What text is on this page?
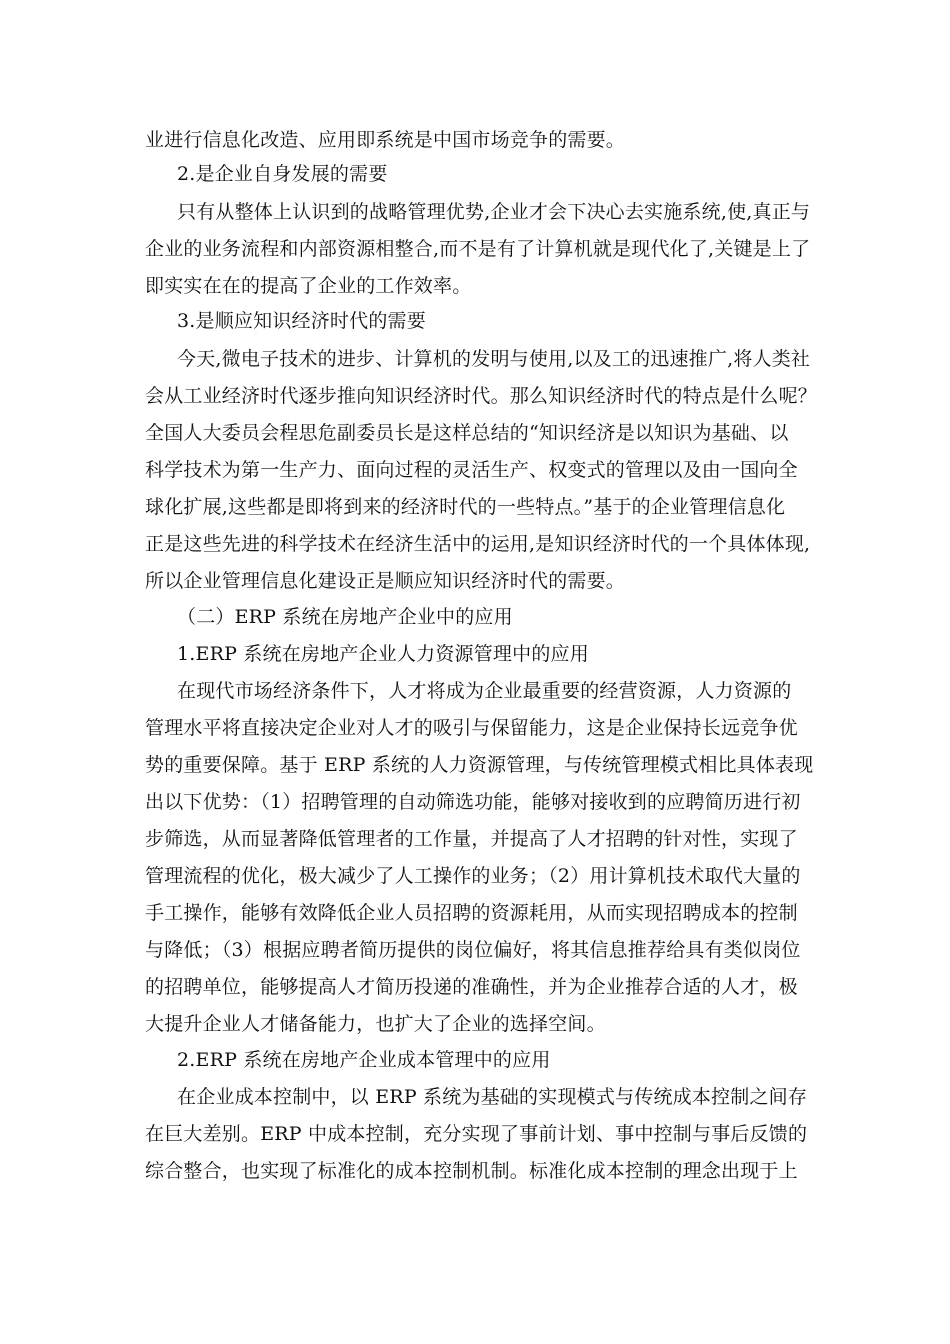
业进行信息化改造、应用即系统是中国市场竞争的需要。
2.是企业自身发展的需要
只有从整体上认识到的战略管理优势,企业才会下决心去实施系统,使,真正与
企业的业务流程和内部资源相整合,而不是有了计算机就是现代化了,关键是上了
即实实在在的提高了企业的工作效率。
3.是顺应知识经济时代的需要
今天,微电子技术的进步、计算机的发明与使用,以及工的迅速推广,将人类社
会从工业经济时代逐步推向知识经济时代。那么知识经济时代的特点是什么呢？
全国人大委员会程思危副委员长是这样总结的“知识经济是以知识为基础、以
科学技术为第一生产力、面向过程的灵活生产、权变式的管理以及由一国向全
球化扩展,这些都是即将到来的经济时代的一些特点。”基于的企业管理信息化
正是这些先进的科学技术在经济生活中的运用,是知识经济时代的一个具体体现,
所以企业管理信息化建设正是顺应知识经济时代的需要。
（二）ERP 系统在房地产企业中的应用
1.ERP 系统在房地产企业人力资源管理中的应用
在现代市场经济条件下，人才将成为企业最重要的经营资源，人力资源的
管理水平将直接决定企业对人才的吸引与保留能力，这是企业保持长远竞争优
势的重要保障。基于 ERP 系统的人力资源管理，与传统管理模式相比具体表现
出以下优势：（1）招聘管理的自动筛选功能，能够对接收到的应聘简历进行初
步筛选，从而显著降低管理者的工作量，并提高了人才招聘的针对性，实现了
管理流程的优化，极大减少了人工操作的业务；（2）用计算机技术取代大量的
手工操作，能够有效降低企业人员招聘的资源耗用，从而实现招聘成本的控制
与降低；（3）根据应聘者简历提供的岗位偏好，将其信息推荐给具有类似岗位
的招聘单位，能够提高人才简历投递的准确性，并为企业推荐合适的人才，极
大提升企业人才储备能力，也扩大了企业的选择空间。
2.ERP 系统在房地产企业成本管理中的应用
在企业成本控制中，以 ERP 系统为基础的实现模式与传统成本控制之间存
在巨大差别。ERP 中成本控制，充分实现了事前计划、事中控制与事后反馈的
综合整合，也实现了标准化的成本控制机制。标准化成本控制的理念出现于上
